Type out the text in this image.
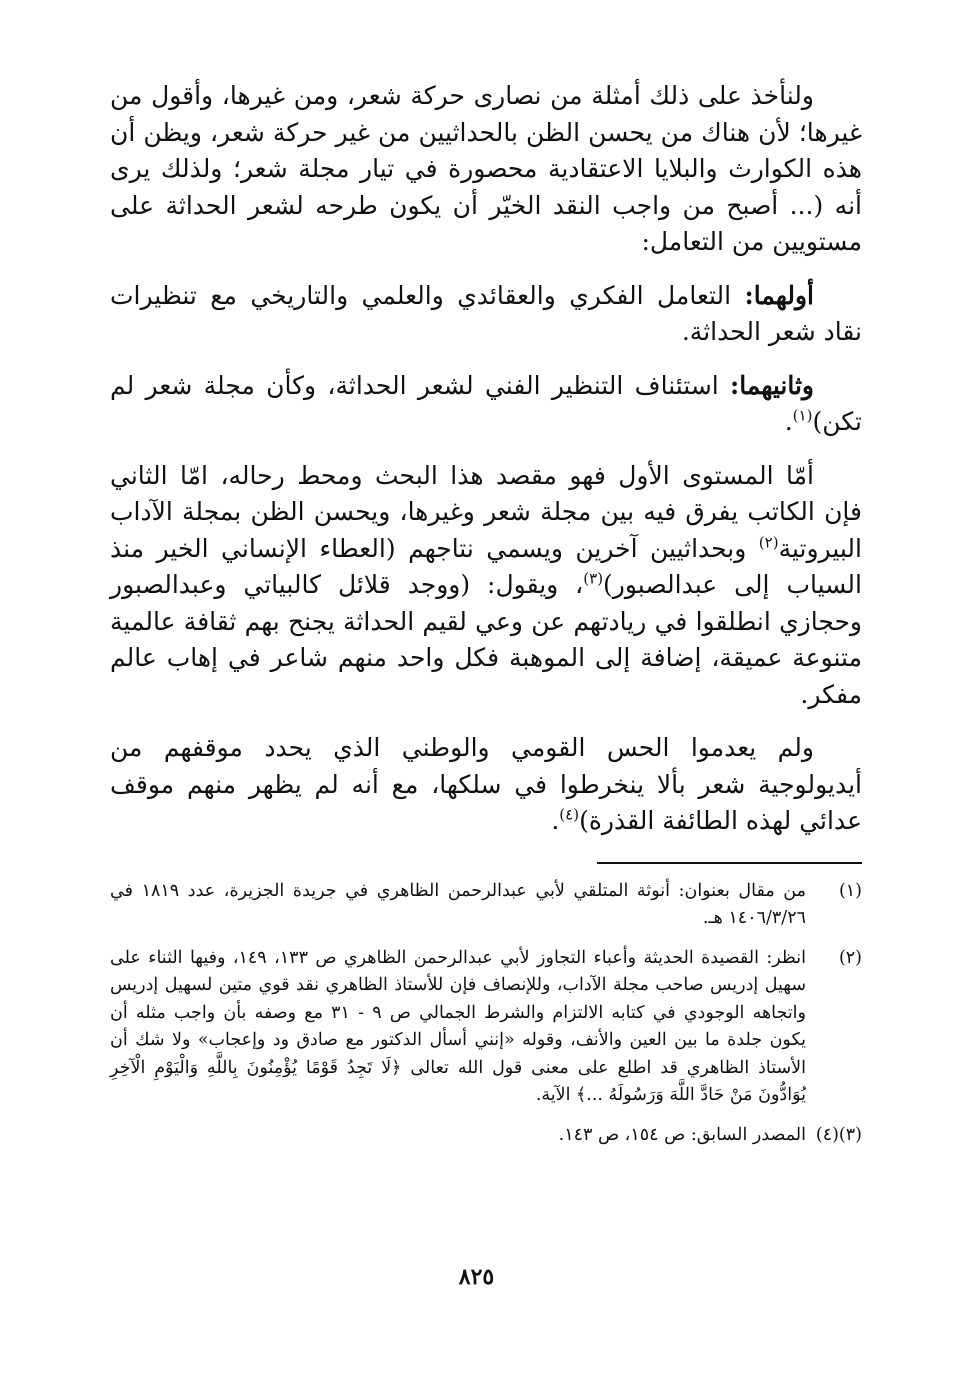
ولنأخذ على ذلك أمثلة من نصارى حركة شعر، ومن غيرها، وأقول من غيرها؛ لأن هناك من يحسن الظن بالحداثيين من غير حركة شعر، ويظن أن هذه الكوارث والبلايا الاعتقادية محصورة في تيار مجلة شعر؛ ولذلك يرى أنه (... أصبح من واجب النقد الخيّر أن يكون طرحه لشعر الحداثة على مستويين من التعامل:

أولهما: التعامل الفكري والعقائدي والعلمي والتاريخي مع تنظيرات نقاد شعر الحداثة.

وثانيهما: استئناف التنظير الفني لشعر الحداثة، وكأن مجلة شعر لم تكن)$^{(١)}$.

أمّا المستوى الأول فهو مقصد هذا البحث ومحط رحاله، امّا الثاني فإن الكاتب يفرق فيه بين مجلة شعر وغيرها، ويحسن الظن بمجلة الآداب البيروتية$^{(٢)}$ وبحداثيين آخرين ويسمي نتاجهم (العطاء الإنساني الخير منذ السياب إلى عبدالصبور)$^{(٣)}$، ويقول: (ووجد قلائل كالبياتي وعبدالصبور وحجازي انطلقوا في ريادتهم عن وعي لقيم الحداثة يجنح بهم ثقافة عالمية متنوعة عميقة، إضافة إلى الموهبة فكل واحد منهم شاعر في إهاب عالم مفكر.

ولم يعدموا الحس القومي والوطني الذي يحدد موقفهم من أيديولوجية شعر بألا ينخرطوا في سلكها، مع أنه لم يظهر منهم موقف عدائي لهذه الطائفة القذرة)$^{(٤)}$.

(١)
من مقال بعنوان: أنوثة المتلقي لأبي عبدالرحمن الظاهري في جريدة الجزيرة، عدد ١٨١٩ في ١٤٠٦/٣/٢٦ هـ.
(٢)
انظر: القصيدة الحديثة وأعباء التجاوز لأبي عبدالرحمن الظاهري ص ١٣٣، ١٤٩، وفيها الثناء على سهيل إدريس صاحب مجلة الآداب، وللإنصاف فإن للأستاذ الظاهري نقد قوي متين لسهيل إدريس واتجاهه الوجودي في كتابه الالتزام والشرط الجمالي ص ٩ - ٣١ مع وصفه بأن واجب مثله أن يكون جلدة ما بين العين والأنف، وقوله «إنني أسأل الدكتور مع صادق ود وإعجاب» ولا شك أن الأستاذ الظاهري قد اطلع على معنى قول الله تعالى ﴿لَا تَجِدُ قَوْمًا يُؤْمِنُونَ بِاللَّهِ وَالْيَوْمِ الْآخِرِ يُوَادُّونَ مَنْ حَادَّ اللَّهَ وَرَسُولَهُ ...﴾ الآية.
(٣)(٤)
المصدر السابق: ص ١٥٤، ص ١٤٣.
٨٢٥
